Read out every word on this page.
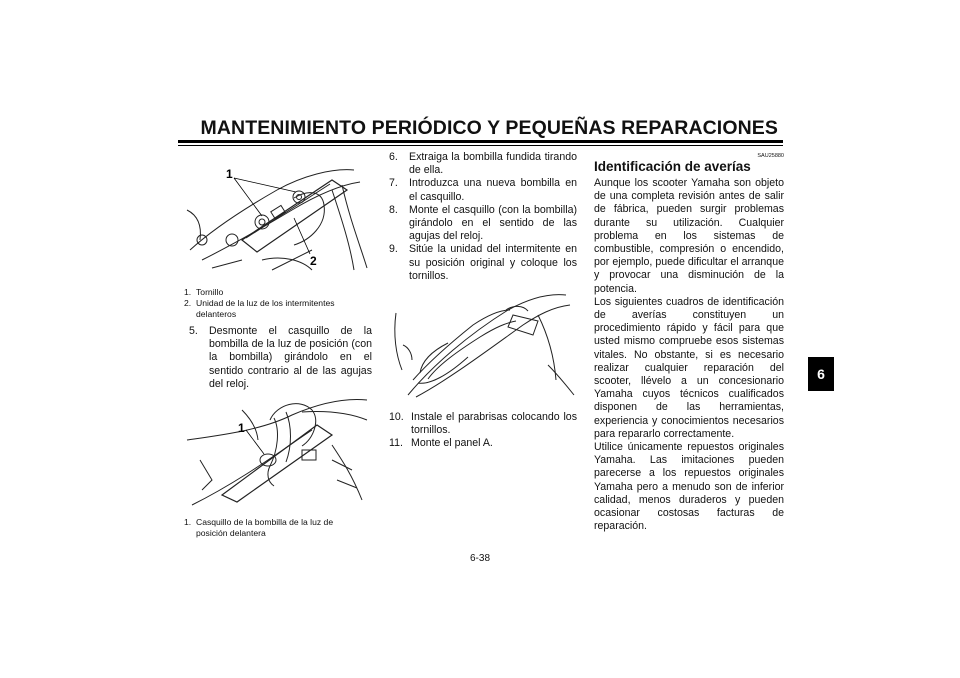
MANTENIMIENTO PERIÓDICO Y PEQUEÑAS REPARACIONES
6
1
2
1. Tornillo
2. Unidad de la luz de los intermitentes delanteros
5. Desmonte el casquillo de la bombilla de la luz de posición (con la bombilla) girándolo en el sentido contrario al de las agujas del reloj.
1
1. Casquillo de la bombilla de la luz de posición delantera
6. Extraiga la bombilla fundida tirando de ella.
7. Introduzca una nueva bombilla en el casquillo.
8. Monte el casquillo (con la bombilla) girándolo en el sentido de las agujas del reloj.
9. Sitúe la unidad del intermitente en su posición original y coloque los tornillos.
10. Instale el parabrisas colocando los tornillos.
11. Monte el panel A.
SAU25880
Identificación de averías
Aunque los scooter Yamaha son objeto de una completa revisión antes de salir de fábrica, pueden surgir problemas durante su utilización. Cualquier problema en los sistemas de combustible, compresión o encendido, por ejemplo, puede dificultar el arranque y provocar una disminución de la potencia.
Los siguientes cuadros de identificación de averías constituyen un procedimiento rápido y fácil para que usted mismo compruebe esos sistemas vitales. No obstante, si es necesario realizar cualquier reparación del scooter, llévelo a un concesionario Yamaha cuyos técnicos cualificados disponen de las herramientas, experiencia y conocimientos necesarios para repararlo correctamente.
Utilice únicamente repuestos originales Yamaha. Las imitaciones pueden parecerse a los repuestos originales Yamaha pero a menudo son de inferior calidad, menos duraderos y pueden ocasionar costosas facturas de reparación.
6-38
